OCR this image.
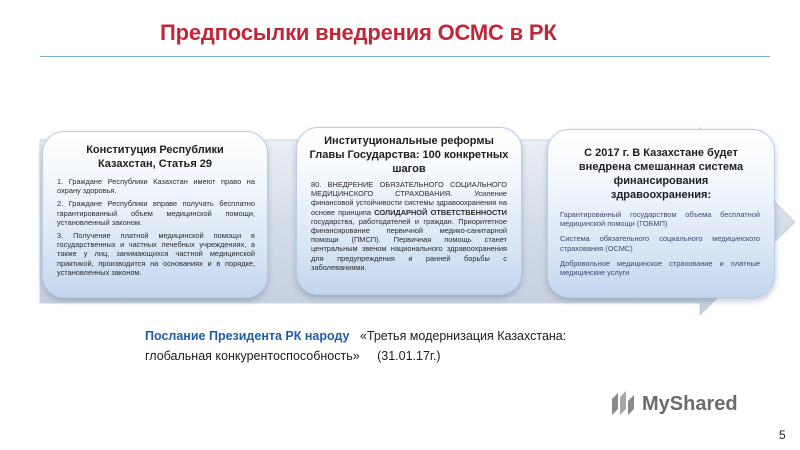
Предпосылки внедрения ОСМС в РК
Конституция Республики Казахстан, Статья 29

1. Граждане Республики Казахстан имеют право на охрану здоровья.

2. Граждане Республики вправе получать бесплатно гарантированный объем медицинской помощи, установленный законом.

3. Получение платной медицинской помощи в государственных и частных лечебных учреждениях, а также у лиц, занимающихся частной медицинской практикой, производится на основаниях и в порядке, установленных законом.

Институциональные реформы Главы Государства: 100 конкретных шагов
80. ВНЕДРЕНИЕ ОБЯЗАТЕЛЬНОГО СОЦИАЛЬНОГО МЕДИЦИНСКОГО СТРАХОВАНИЯ.	Усиление финансовой устойчивости системы здравоохранения на основе принципа СОЛИДАРНОЙ ОТВЕТСТВЕННОСТИ государства, работодателей и граждан. Приоритетное финансирование первичной медико-санитарной помощи (ПМСП). Первичная помощь станет центральным звеном национального здравоохранения для предупреждения и ранней борьбы с заболеваниями.
С 2017 г. В Казахстане будет внедрена смешанная система финансирования здравоохранения:

Гарантированный государством объема бесплатной медицинской помощи (ГОБМП)

Система обязательного социального медицинского страхования (ОСМС)

Добровольное медицинское страхование и платные медицинские услуги

Послание Президента РК народу «Третья модернизация Казахстана: глобальная конкурентоспособность» (31.01.17г.)
MyShared
5
